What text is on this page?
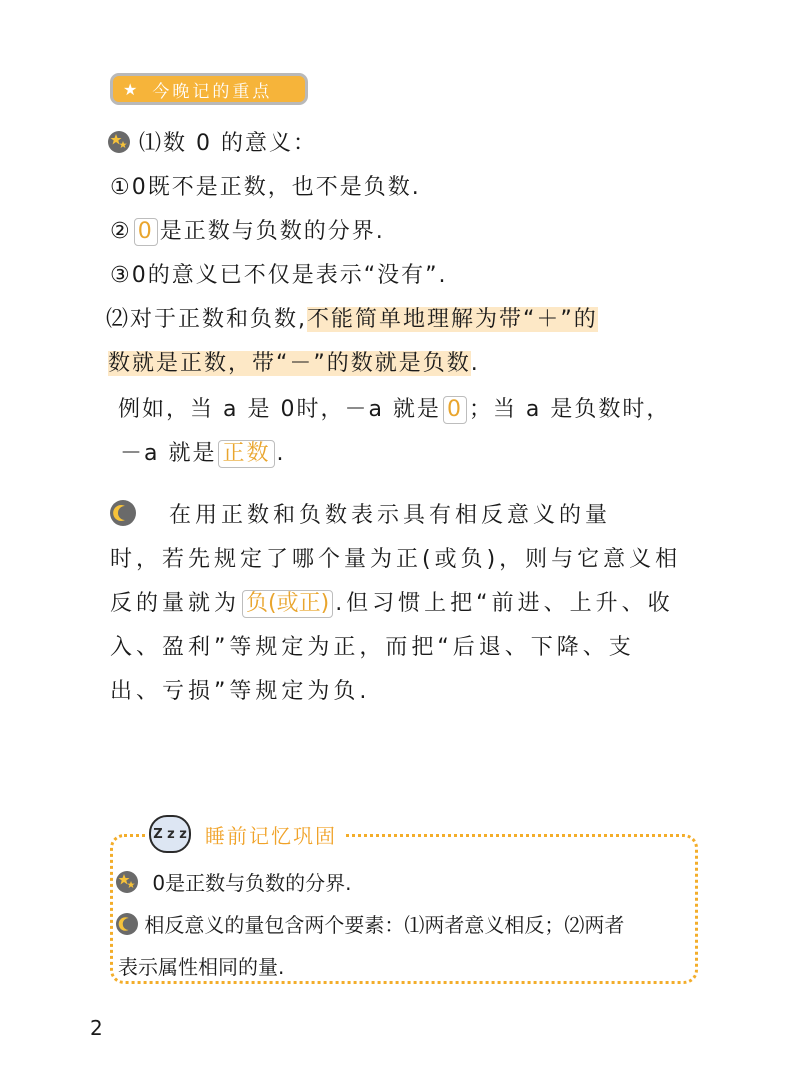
★ 今晚记的重点
⑴数 0 的意义：
①0既不是正数，也不是负数.
② 0 是正数与负数的分界.
③0的意义已不仅是表示“没有”.
⑵对于正数和负数,不能简单地理解为带“＋”的
数就是正数，带“－”的数就是负数.
例如，当 a 是 0时，－a 就是 0 ；当 a 是负数时，
－a 就是 正数 .
在用正数和负数表示具有相反意义的量
时，若先规定了哪个量为正(或负)，则与它意义相
反的量就为 负(或正) .但习惯上把“前进、上升、收
入、盈利”等规定为正，而把“后退、下降、支
出、亏损”等规定为负.
Z z z 睡前记忆巩固
0是正数与负数的分界.
相反意义的量包含两个要素：⑴两者意义相反；⑵两者
表示属性相同的量.
2
